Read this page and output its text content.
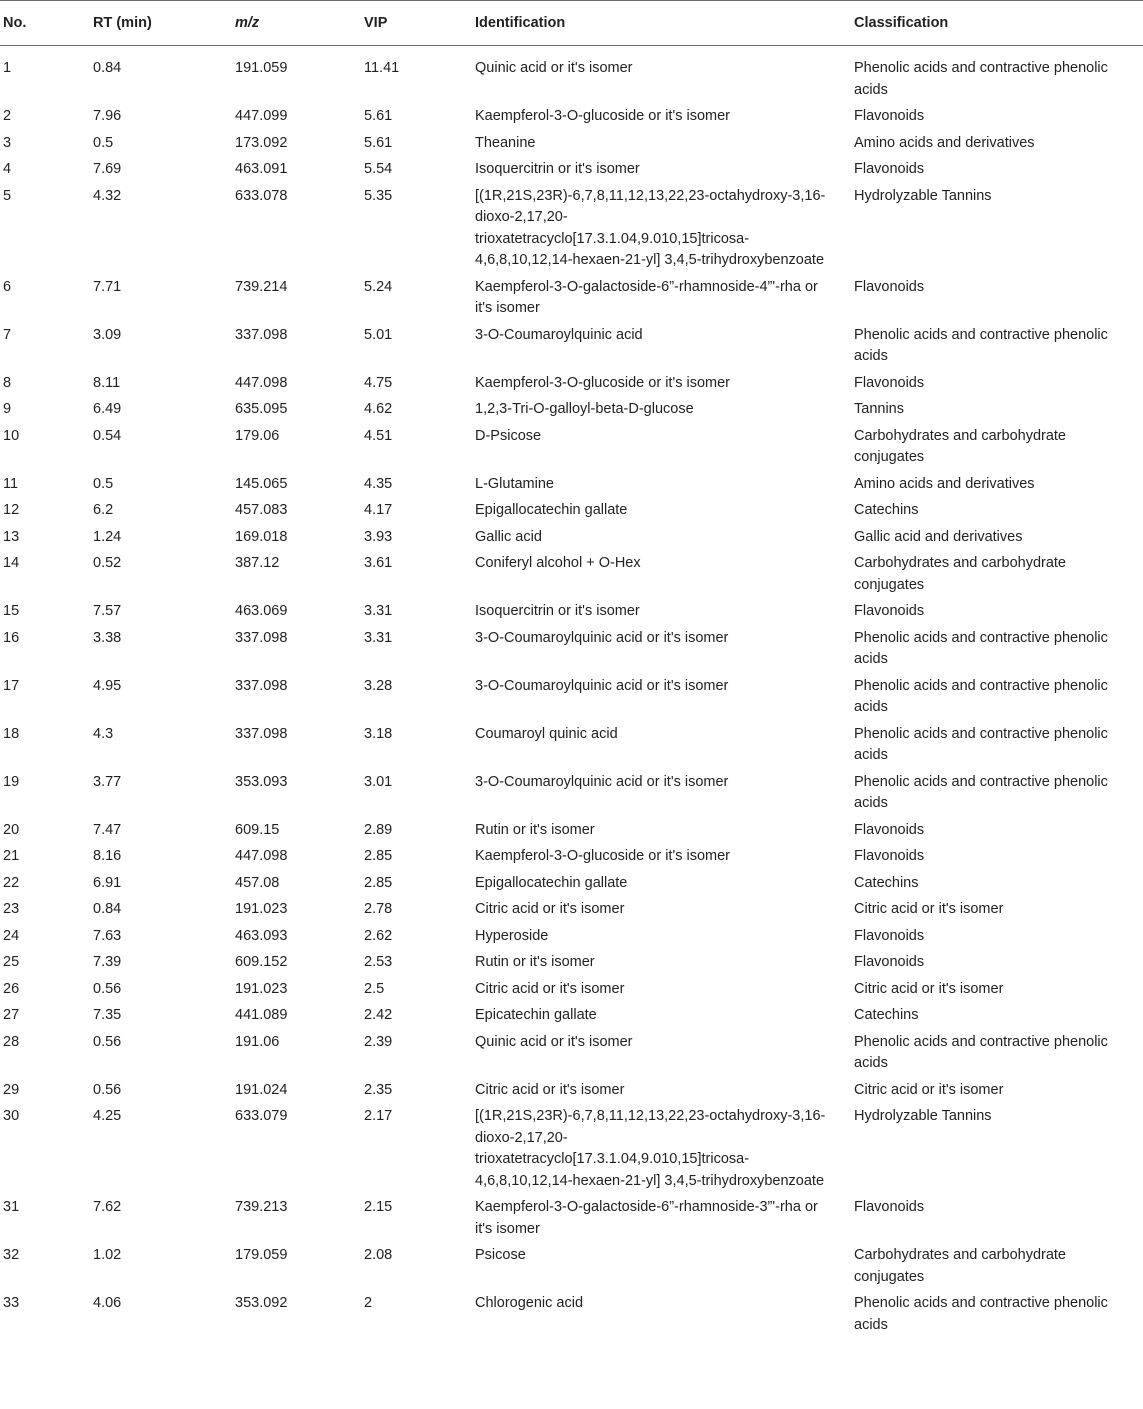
No.	RT (min)	m/z	VIP	Identification	Classification
1	0.84	191.059	11.41	Quinic acid or it's isomer	Phenolic acids and contractive phenolic acids
2	7.96	447.099	5.61	Kaempferol-3-O-glucoside or it's isomer	Flavonoids
3	0.5	173.092	5.61	Theanine	Amino acids and derivatives
4	7.69	463.091	5.54	Isoquercitrin or it's isomer	Flavonoids
5	4.32	633.078	5.35	[(1R,21S,23R)-6,7,8,11,12,13,22,23-octahydroxy-3,16-dioxo-2,17,20-trioxatetracyclo[17.3.1.04,9.010,15]tricosa-4,6,8,10,12,14-hexaen-21-yl] 3,4,5-trihydroxybenzoate	Hydrolyzable Tannins
6	7.71	739.214	5.24	Kaempferol-3-O-galactoside-6”-rhamnoside-4”'-rha or it's isomer	Flavonoids
7	3.09	337.098	5.01	3-O-Coumaroylquinic acid	Phenolic acids and contractive phenolic acids
8	8.11	447.098	4.75	Kaempferol-3-O-glucoside or it's isomer	Flavonoids
9	6.49	635.095	4.62	1,2,3-Tri-O-galloyl-beta-D-glucose	Tannins
10	0.54	179.06	4.51	D-Psicose	Carbohydrates and carbohydrate conjugates
11	0.5	145.065	4.35	L-Glutamine	Amino acids and derivatives
12	6.2	457.083	4.17	Epigallocatechin gallate	Catechins
13	1.24	169.018	3.93	Gallic acid	Gallic acid and derivatives
14	0.52	387.12	3.61	Coniferyl alcohol + O-Hex	Carbohydrates and carbohydrate conjugates
15	7.57	463.069	3.31	Isoquercitrin or it's isomer	Flavonoids
16	3.38	337.098	3.31	3-O-Coumaroylquinic acid or it's isomer	Phenolic acids and contractive phenolic acids
17	4.95	337.098	3.28	3-O-Coumaroylquinic acid or it's isomer	Phenolic acids and contractive phenolic acids
18	4.3	337.098	3.18	Coumaroyl quinic acid	Phenolic acids and contractive phenolic acids
19	3.77	353.093	3.01	3-O-Coumaroylquinic acid or it's isomer	Phenolic acids and contractive phenolic acids
20	7.47	609.15	2.89	Rutin or it's isomer	Flavonoids
21	8.16	447.098	2.85	Kaempferol-3-O-glucoside or it's isomer	Flavonoids
22	6.91	457.08	2.85	Epigallocatechin gallate	Catechins
23	0.84	191.023	2.78	Citric acid or it's isomer	Citric acid or it's isomer
24	7.63	463.093	2.62	Hyperoside	Flavonoids
25	7.39	609.152	2.53	Rutin or it's isomer	Flavonoids
26	0.56	191.023	2.5	Citric acid or it's isomer	Citric acid or it's isomer
27	7.35	441.089	2.42	Epicatechin gallate	Catechins
28	0.56	191.06	2.39	Quinic acid or it's isomer	Phenolic acids and contractive phenolic acids
29	0.56	191.024	2.35	Citric acid or it's isomer	Citric acid or it's isomer
30	4.25	633.079	2.17	[(1R,21S,23R)-6,7,8,11,12,13,22,23-octahydroxy-3,16-dioxo-2,17,20-trioxatetracyclo[17.3.1.04,9.010,15]tricosa-4,6,8,10,12,14-hexaen-21-yl] 3,4,5-trihydroxybenzoate	Hydrolyzable Tannins
31	7.62	739.213	2.15	Kaempferol-3-O-galactoside-6”-rhamnoside-3”'-rha or it's isomer	Flavonoids
32	1.02	179.059	2.08	Psicose	Carbohydrates and carbohydrate conjugates
33	4.06	353.092	2	Chlorogenic acid	Phenolic acids and contractive phenolic acids
